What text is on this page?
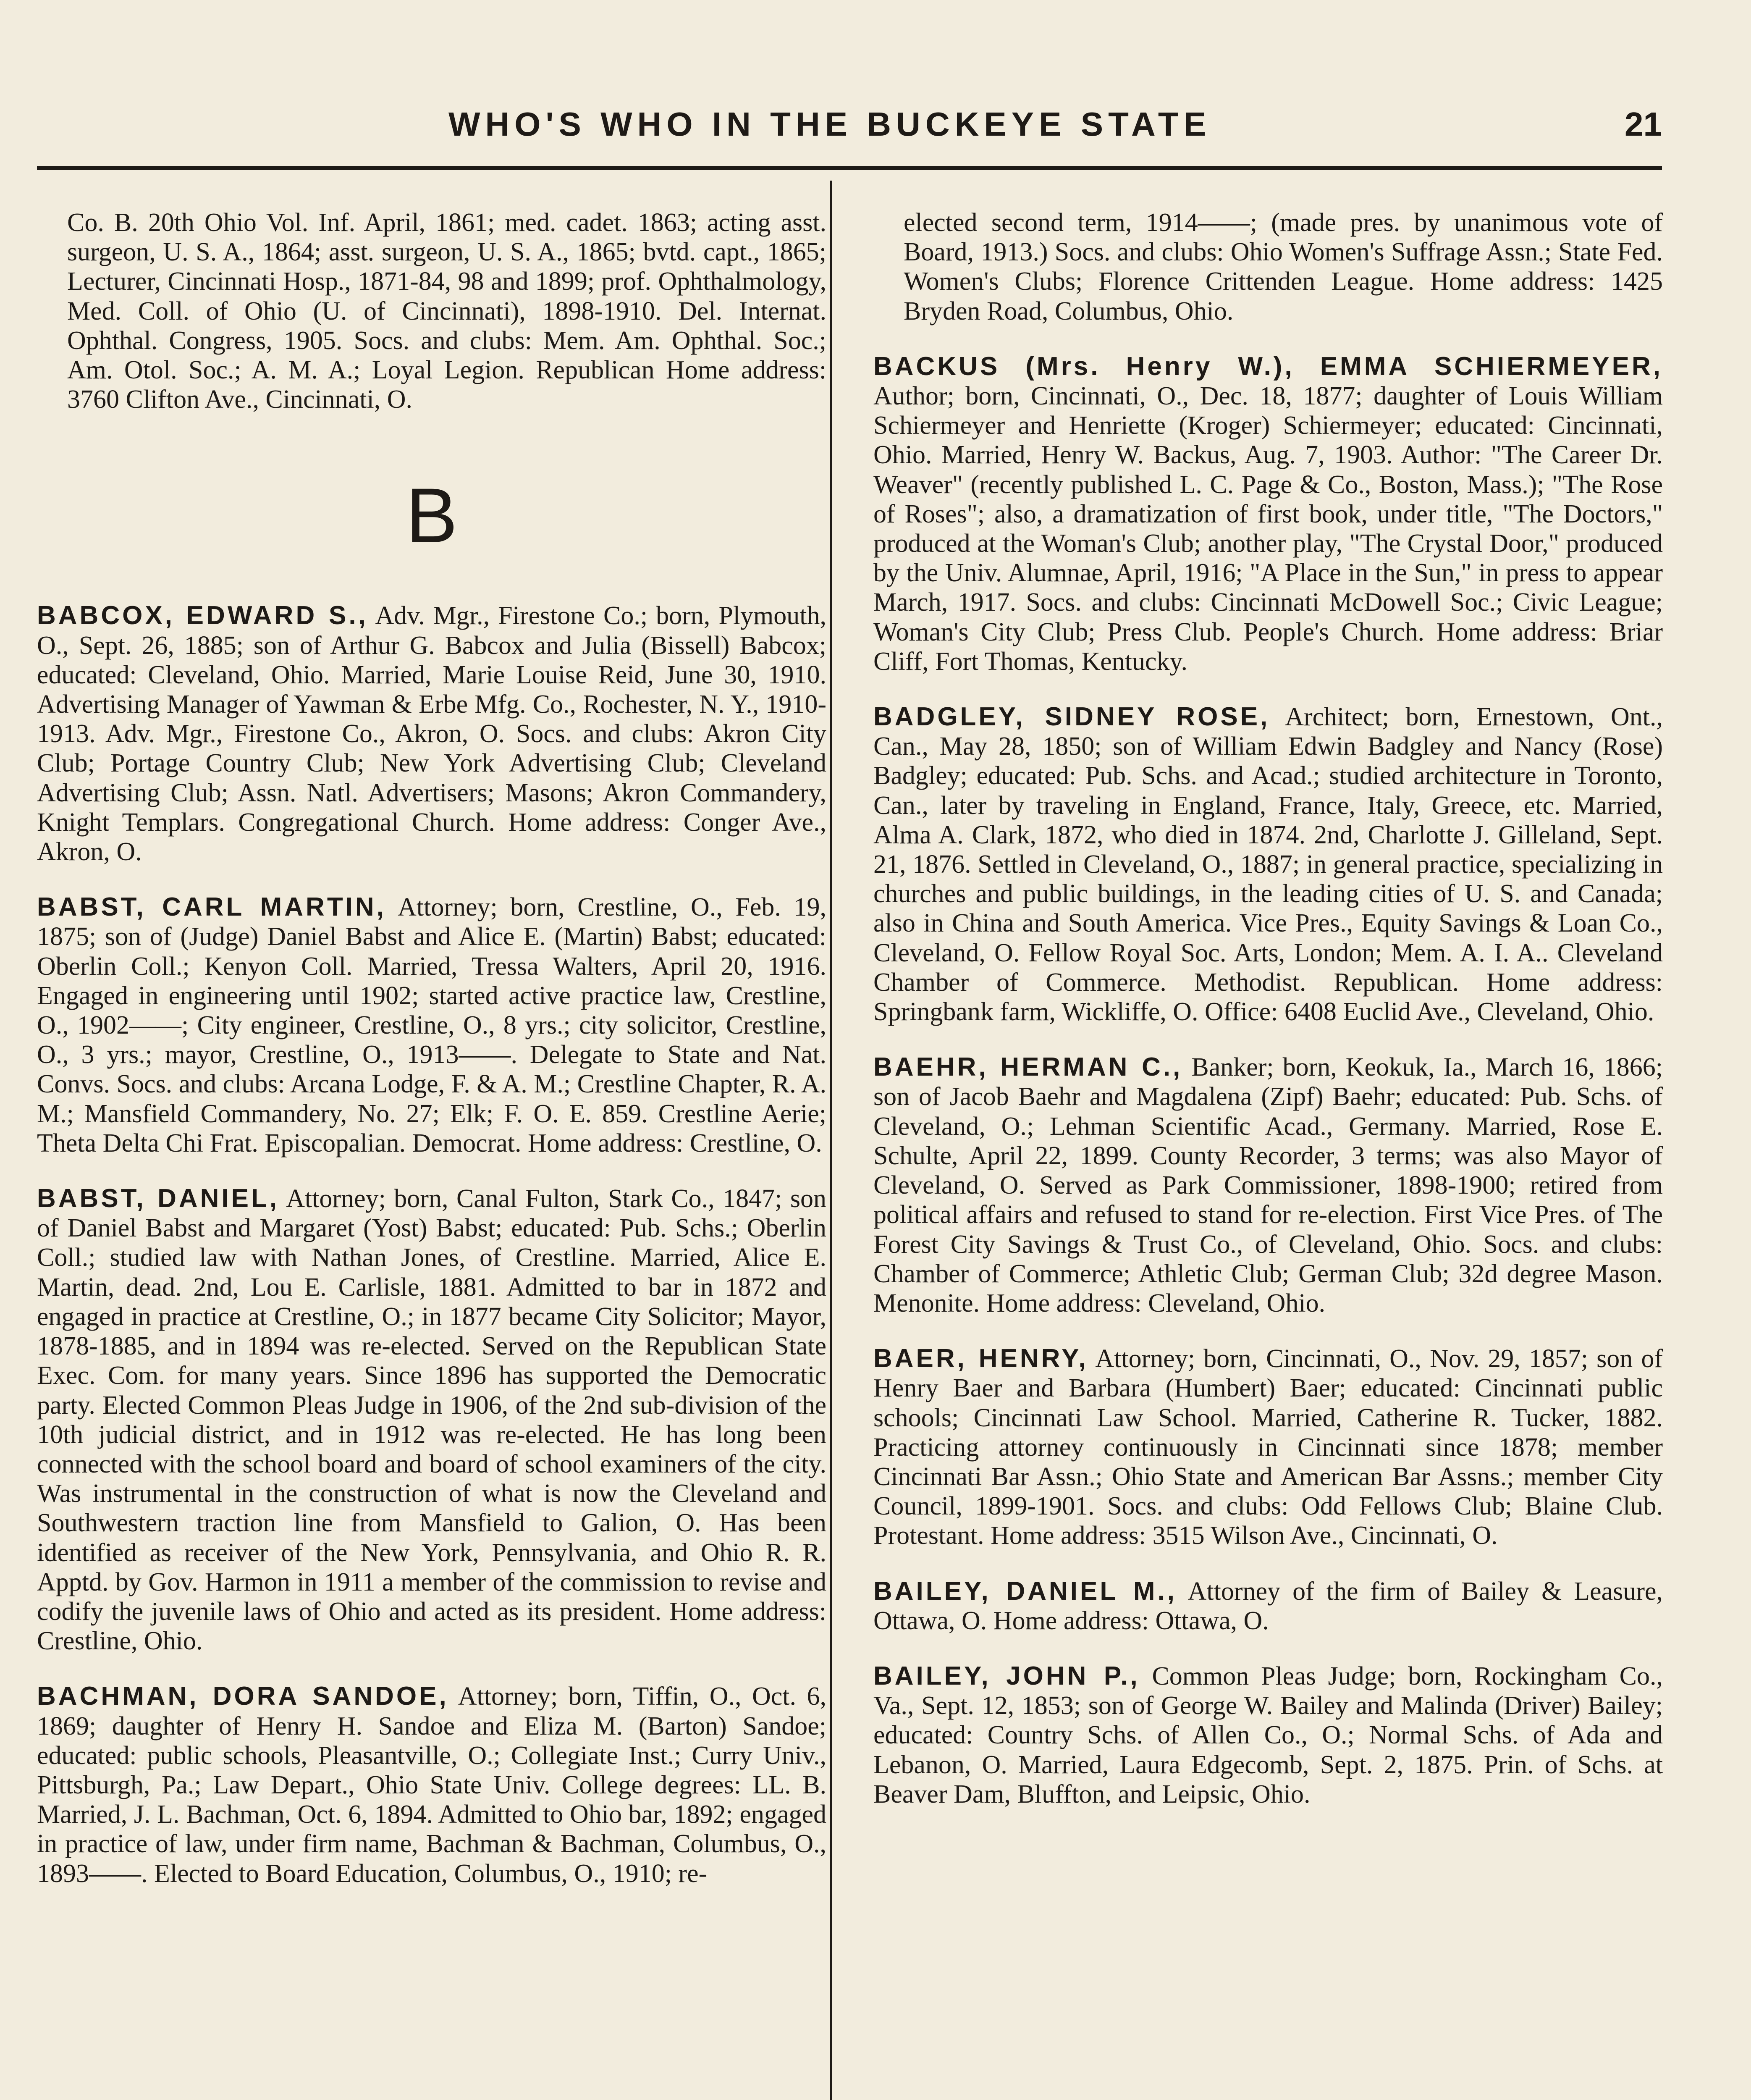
WHO'S WHO IN THE BUCKEYE STATE	21

Co. B. 20th Ohio Vol. Inf. April, 1861; med. cadet. 1863; acting asst. surgeon, U. S. A., 1864; asst. surgeon, U. S. A., 1865; bvtd. capt., 1865; Lecturer, Cincinnati Hosp., 1871-84, 98 and 1899; prof. Ophthalmology, Med. Coll. of Ohio (U. of Cincinnati), 1898-1910. Del. Internat. Ophthal. Congress, 1905. Socs. and clubs: Mem. Am. Ophthal. Soc.; Am. Otol. Soc.; A. M. A.; Loyal Legion. Republican Home address: 3760 Clifton Ave., Cincinnati, O.

B

BABCOX, EDWARD S., Adv. Mgr., Firestone Co.; born, Plymouth, O., Sept. 26, 1885; son of Arthur G. Babcox and Julia (Bissell) Babcox; educated: Cleveland, Ohio. Married, Marie Louise Reid, June 30, 1910. Advertising Manager of Yawman & Erbe Mfg. Co., Rochester, N. Y., 1910-1913. Adv. Mgr., Firestone Co., Akron, O. Socs. and clubs: Akron City Club; Portage Country Club; New York Advertising Club; Cleveland Advertising Club; Assn. Natl. Advertisers; Masons; Akron Commandery, Knight Templars. Congregational Church. Home address: Conger Ave., Akron, O.

BABST, CARL MARTIN, Attorney; born, Crestline, O., Feb. 19, 1875; son of (Judge) Daniel Babst and Alice E. (Martin) Babst; educated: Oberlin Coll.; Kenyon Coll. Married, Tressa Walters, April 20, 1916. Engaged in engineering until 1902; started active practice law, Crestline, O., 1902——; City engineer, Crestline, O., 8 yrs.; city solicitor, Crestline, O., 3 yrs.; mayor, Crestline, O., 1913——. Delegate to State and Nat. Convs. Socs. and clubs: Arcana Lodge, F. & A. M.; Crestline Chapter, R. A. M.; Mansfield Commandery, No. 27; Elk; F. O. E. 859. Crestline Aerie; Theta Delta Chi Frat. Episcopalian. Democrat. Home address: Crestline, O.

BABST, DANIEL, Attorney; born, Canal Fulton, Stark Co., 1847; son of Daniel Babst and Margaret (Yost) Babst; educated: Pub. Schs.; Oberlin Coll.; studied law with Nathan Jones, of Crestline. Married, Alice E. Martin, dead. 2nd, Lou E. Carlisle, 1881. Admitted to bar in 1872 and engaged in practice at Crestline, O.; in 1877 became City Solicitor; Mayor, 1878-1885, and in 1894 was re-elected. Served on the Republican State Exec. Com. for many years. Since 1896 has supported the Democratic party. Elected Common Pleas Judge in 1906, of the 2nd sub-division of the 10th judicial district, and in 1912 was re-elected. He has long been connected with the school board and board of school examiners of the city. Was instrumental in the construction of what is now the Cleveland and Southwestern traction line from Mansfield to Galion, O. Has been identified as receiver of the New York, Pennsylvania, and Ohio R. R. Apptd. by Gov. Harmon in 1911 a member of the commission to revise and codify the juvenile laws of Ohio and acted as its president. Home address: Crestline, Ohio.

BACHMAN, DORA SANDOE, Attorney; born, Tiffin, O., Oct. 6, 1869; daughter of Henry H. Sandoe and Eliza M. (Barton) Sandoe; educated: public schools, Pleasantville, O.; Collegiate Inst.; Curry Univ., Pittsburgh, Pa.; Law Depart., Ohio State Univ. College degrees: LL. B. Married, J. L. Bachman, Oct. 6, 1894. Admitted to Ohio bar, 1892; engaged in practice of law, under firm name, Bachman & Bachman, Columbus, O., 1893——. Elected to Board Education, Columbus, O., 1910; re-

elected second term, 1914——; (made pres. by unanimous vote of Board, 1913.) Socs. and clubs: Ohio Women's Suffrage Assn.; State Fed. Women's Clubs; Florence Crittenden League. Home address: 1425 Bryden Road, Columbus, Ohio.

BACKUS (Mrs. Henry W.), EMMA SCHIERMEYER, Author; born, Cincinnati, O., Dec. 18, 1877; daughter of Louis William Schiermeyer and Henriette (Kroger) Schiermeyer; educated: Cincinnati, Ohio. Married, Henry W. Backus, Aug. 7, 1903. Author: "The Career Dr. Weaver" (recently published L. C. Page & Co., Boston, Mass.); "The Rose of Roses"; also, a dramatization of first book, under title, "The Doctors," produced at the Woman's Club; another play, "The Crystal Door," produced by the Univ. Alumnae, April, 1916; "A Place in the Sun," in press to appear March, 1917. Socs. and clubs: Cincinnati McDowell Soc.; Civic League; Woman's City Club; Press Club. People's Church. Home address: Briar Cliff, Fort Thomas, Kentucky.

BADGLEY, SIDNEY ROSE, Architect; born, Ernestown, Ont., Can., May 28, 1850; son of William Edwin Badgley and Nancy (Rose) Badgley; educated: Pub. Schs. and Acad.; studied architecture in Toronto, Can., later by traveling in England, France, Italy, Greece, etc. Married, Alma A. Clark, 1872, who died in 1874. 2nd, Charlotte J. Gilleland, Sept. 21, 1876. Settled in Cleveland, O., 1887; in general practice, specializing in churches and public buildings, in the leading cities of U. S. and Canada; also in China and South America. Vice Pres., Equity Savings & Loan Co., Cleveland, O. Fellow Royal Soc. Arts, London; Mem. A. I. A.. Cleveland Chamber of Commerce. Methodist. Republican. Home address: Springbank farm, Wickliffe, O. Office: 6408 Euclid Ave., Cleveland, Ohio.

BAEHR, HERMAN C., Banker; born, Keokuk, Ia., March 16, 1866; son of Jacob Baehr and Magdalena (Zipf) Baehr; educated: Pub. Schs. of Cleveland, O.; Lehman Scientific Acad., Germany. Married, Rose E. Schulte, April 22, 1899. County Recorder, 3 terms; was also Mayor of Cleveland, O. Served as Park Commissioner, 1898-1900; retired from political affairs and refused to stand for re-election. First Vice Pres. of The Forest City Savings & Trust Co., of Cleveland, Ohio. Socs. and clubs: Chamber of Commerce; Athletic Club; German Club; 32d degree Mason. Menonite. Home address: Cleveland, Ohio.

BAER, HENRY, Attorney; born, Cincinnati, O., Nov. 29, 1857; son of Henry Baer and Barbara (Humbert) Baer; educated: Cincinnati public schools; Cincinnati Law School. Married, Catherine R. Tucker, 1882. Practicing attorney continuously in Cincinnati since 1878; member Cincinnati Bar Assn.; Ohio State and American Bar Assns.; member City Council, 1899-1901. Socs. and clubs: Odd Fellows Club; Blaine Club. Protestant. Home address: 3515 Wilson Ave., Cincinnati, O.

BAILEY, DANIEL M., Attorney of the firm of Bailey & Leasure, Ottawa, O. Home address: Ottawa, O.

BAILEY, JOHN P., Common Pleas Judge; born, Rockingham Co., Va., Sept. 12, 1853; son of George W. Bailey and Malinda (Driver) Bailey; educated: Country Schs. of Allen Co., O.; Normal Schs. of Ada and Lebanon, O. Married, Laura Edgecomb, Sept. 2, 1875. Prin. of Schs. at Beaver Dam, Bluffton, and Leipsic, Ohio.
